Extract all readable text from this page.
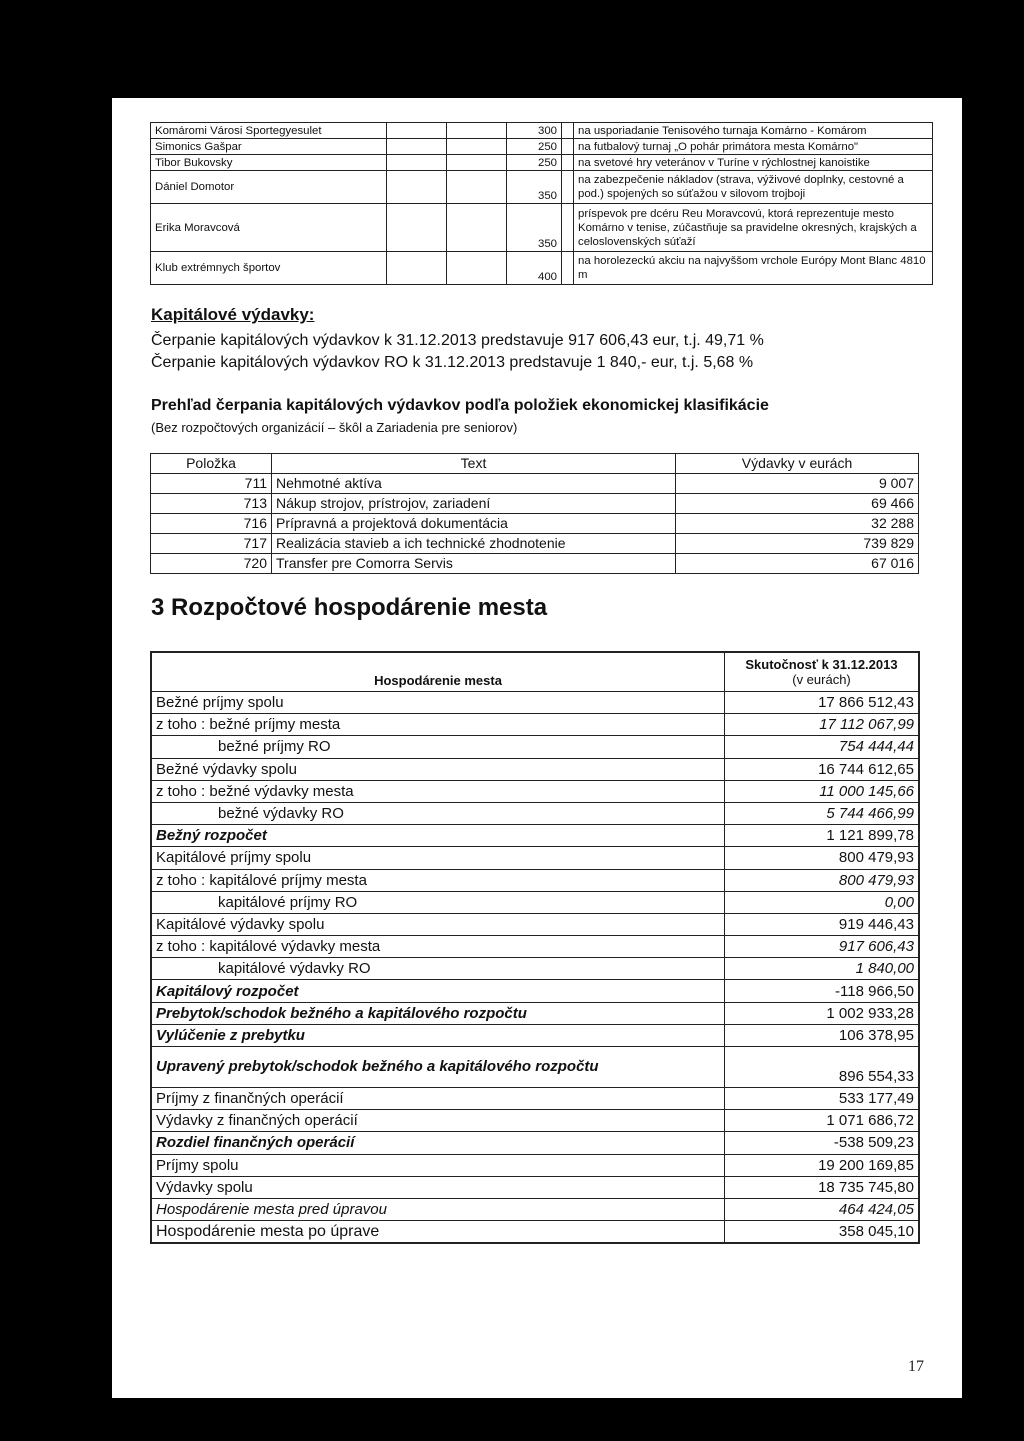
Komáromi Városi Sportegyesulet			300		na usporiadanie Tenisového turnaja Komárno - Komárom
Simonics Gašpar			250		na futbalový turnaj „O pohár primátora mesta Komárno"
Tibor Bukovsky			250		na svetové hry veteránov v Turíne v rýchlostnej kanoistike
Dániel Domotor			350		na zabezpečenie nákladov (strava, výživové doplnky, cestovné a pod.) spojených so súťažou v silovom trojboji
Erika Moravcová			350		príspevok pre dcéru Reu Moravcovú, ktorá reprezentuje mesto Komárno v tenise, zúčastňuje sa pravidelne okresných, krajských a celoslovenských súťaží
Klub extrémnych športov			400		na horolezeckú akciu na najvyššom vrchole Európy Mont Blanc 4810 m
Kapitálové výdavky:
Čerpanie kapitálových výdavkov k 31.12.2013 predstavuje 917 606,43 eur, t.j. 49,71 %
Čerpanie kapitálových výdavkov RO k 31.12.2013 predstavuje 1 840,- eur, t.j. 5,68 %
Prehľad čerpania kapitálových výdavkov podľa položiek ekonomickej klasifikácie
(Bez rozpočtových organizácií – škôl a Zariadenia pre seniorov)
Položka	Text	Výdavky v eurách
711	Nehmotné aktíva	9 007
713	Nákup strojov, prístrojov, zariadení	69 466
716	Prípravná a projektová dokumentácia	32 288
717	Realizácia stavieb a ich technické zhodnotenie	739 829
720	Transfer pre Comorra Servis	67 016
3 Rozpočtové hospodárenie mesta
Hospodárenie mesta	Skutočnosť k 31.12.2013
(v eurách)

Bežné príjmy spolu	17 866 512,43
z toho : bežné príjmy mesta	17 112 067,99
bežné príjmy RO	754 444,44
Bežné výdavky spolu	16 744 612,65
z toho : bežné výdavky mesta	11 000 145,66
bežné výdavky RO	5 744 466,99
Bežný rozpočet	1 121 899,78
Kapitálové príjmy spolu	800 479,93
z toho : kapitálové príjmy mesta	800 479,93
kapitálové príjmy RO	0,00
Kapitálové výdavky spolu	919 446,43
z toho : kapitálové výdavky mesta	917 606,43
kapitálové výdavky RO	1 840,00
Kapitálový rozpočet	-118 966,50
Prebytok/schodok bežného a kapitálového rozpočtu	1 002 933,28
Vylúčenie z prebytku	106 378,95
Upravený prebytok/schodok bežného a kapitálového rozpočtu	896 554,33
Príjmy z finančných operácií	533 177,49
Výdavky z finančných operácií	1 071 686,72
Rozdiel finančných operácií	-538 509,23
Príjmy spolu	19 200 169,85
Výdavky spolu	18 735 745,80
Hospodárenie mesta pred úpravou	464 424,05
Hospodárenie mesta po úprave	358 045,10
17
